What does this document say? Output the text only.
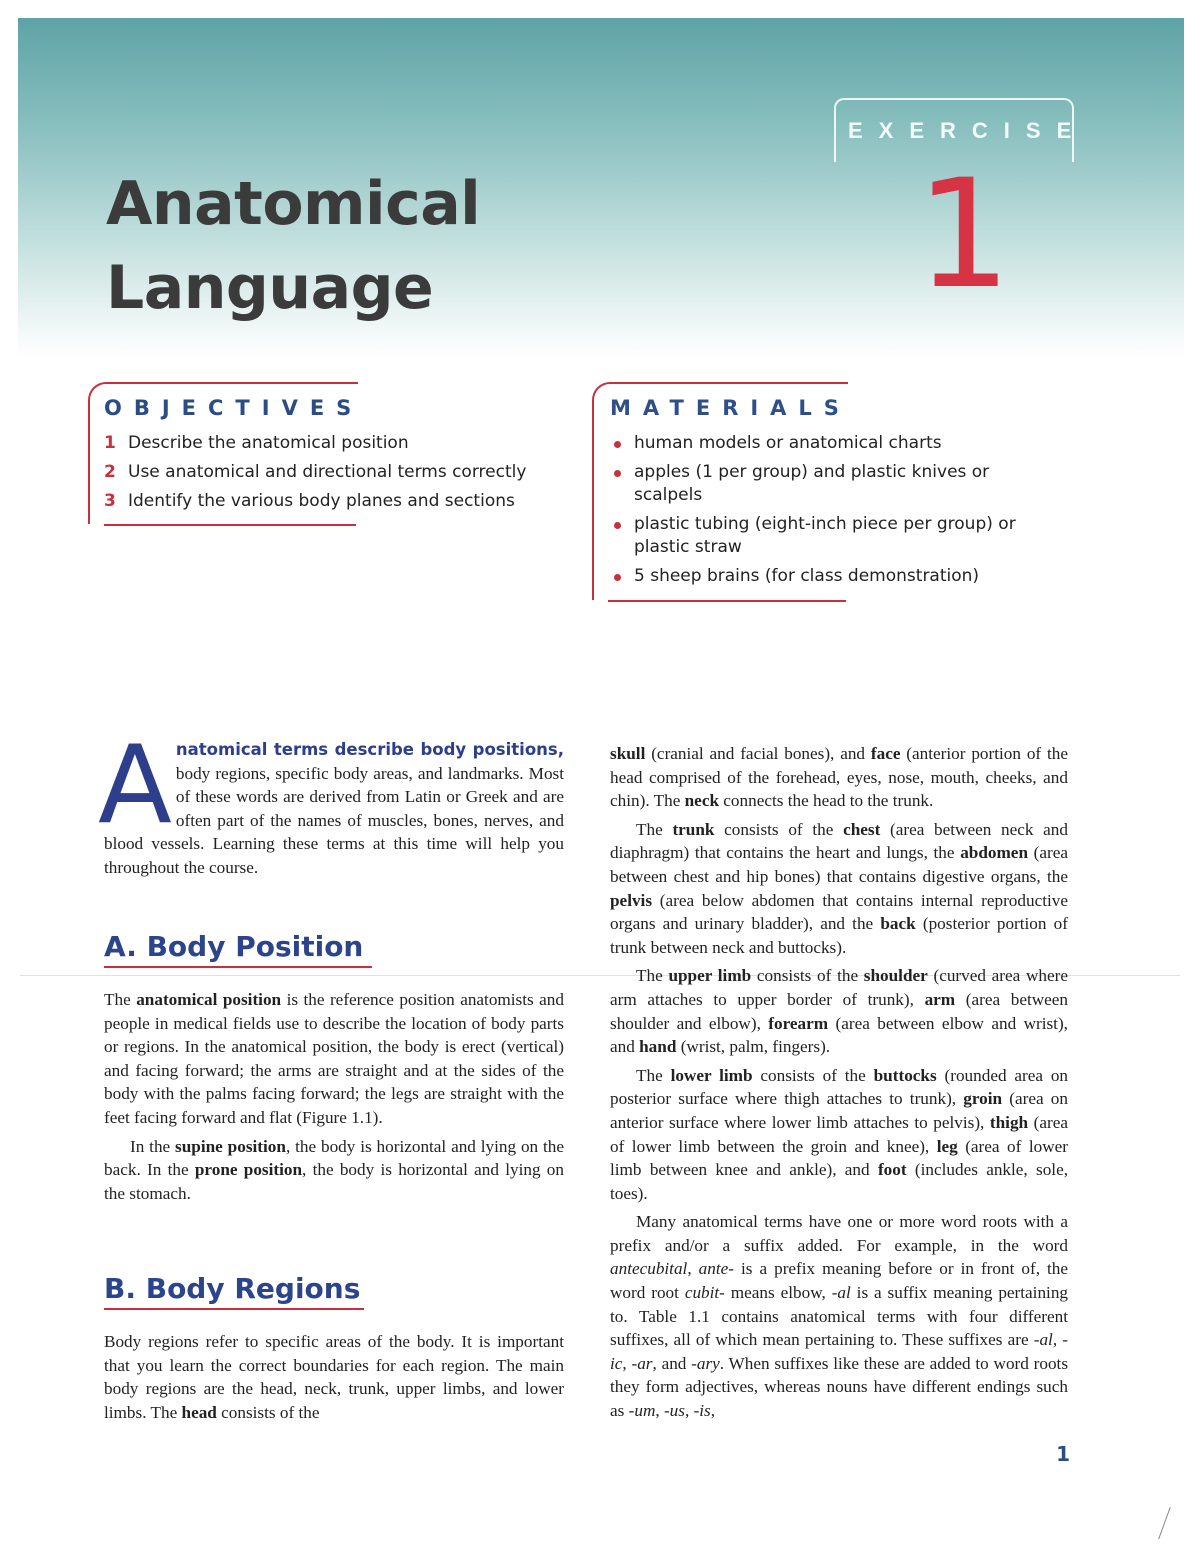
Anatomical
Language
EXERCISE
1
OBJECTIVES
1 Describe the anatomical position
2 Use anatomical and directional terms correctly
3 Identify the various body planes and sections
MATERIALS
human models or anatomical charts
apples (1 per group) and plastic knives or scalpels
plastic tubing (eight-inch piece per group) or plastic straw
5 sheep brains (for class demonstration)

A natomical terms describe body positions, body regions, specific body areas, and landmarks. Most of these words are derived from Latin or Greek and are often part of the names of muscles, bones, nerves, and blood vessels. Learning these terms at this time will help you throughout the course.

A. Body Position

The anatomical position is the reference position anatomists and people in medical fields use to describe the location of body parts or regions. In the anatomical position, the body is erect (vertical) and facing forward; the arms are straight and at the sides of the body with the palms facing forward; the legs are straight with the feet facing forward and flat (Figure 1.1).

In the supine position, the body is horizontal and lying on the back. In the prone position, the body is horizontal and lying on the stomach.

B. Body Regions

Body regions refer to specific areas of the body. It is important that you learn the correct boundaries for each region. The main body regions are the head, neck, trunk, upper limbs, and lower limbs. The head consists of the

skull (cranial and facial bones), and face (anterior portion of the head comprised of the forehead, eyes, nose, mouth, cheeks, and chin). The neck connects the head to the trunk.

The trunk consists of the chest (area between neck and diaphragm) that contains the heart and lungs, the abdomen (area between chest and hip bones) that contains digestive organs, the pelvis (area below abdomen that contains internal reproductive organs and urinary bladder), and the back (posterior portion of trunk between neck and buttocks).

The upper limb consists of the shoulder (curved area where arm attaches to upper border of trunk), arm (area between shoulder and elbow), forearm (area between elbow and wrist), and hand (wrist, palm, fingers).

The lower limb consists of the buttocks (rounded area on posterior surface where thigh attaches to trunk), groin (area on anterior surface where lower limb attaches to pelvis), thigh (area of lower limb between the groin and knee), leg (area of lower limb between knee and ankle), and foot (includes ankle, sole, toes).

Many anatomical terms have one or more word roots with a prefix and/or a suffix added. For example, in the word antecubital, ante- is a prefix meaning before or in front of, the word root cubit- means elbow, -al is a suffix meaning pertaining to. Table 1.1 contains anatomical terms with four different suffixes, all of which mean pertaining to. These suffixes are -al, -ic, -ar, and -ary. When suffixes like these are added to word roots they form adjectives, whereas nouns have different endings such as -um, -us, -is,

1
